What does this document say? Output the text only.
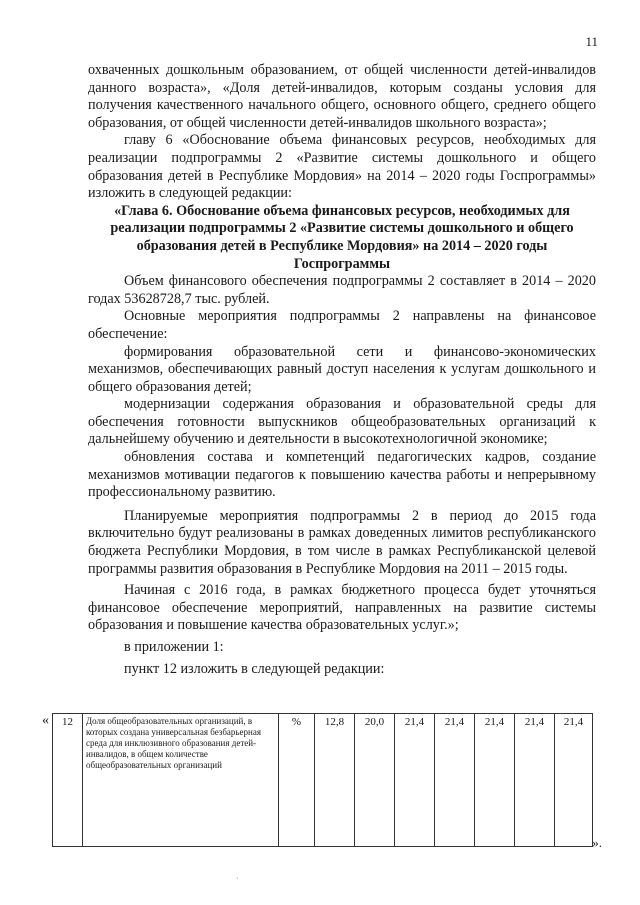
11

охваченных дошкольным образованием, от общей численности детей-инвалидов данного возраста», «Доля детей-инвалидов, которым созданы условия для получения качественного начального общего, основного общего, среднего общего образования, от общей численности детей-инвалидов школьного возраста»;

главу 6 «Обоснование объема финансовых ресурсов, необходимых для реализации подпрограммы 2 «Развитие системы дошкольного и общего образования детей в Республике Мордовия» на 2014 – 2020 годы Госпрограммы» изложить в следующей редакции:

«Глава 6. Обоснование объема финансовых ресурсов, необходимых для реализации подпрограммы 2 «Развитие системы дошкольного и общего образования детей в Республике Мордовия» на 2014 – 2020 годы Госпрограммы

Объем финансового обеспечения подпрограммы 2 составляет в 2014 – 2020 годах 53628728,7 тыс. рублей.

Основные мероприятия подпрограммы 2 направлены на финансовое обеспечение:

формирования образовательной сети и финансово-экономических механизмов, обеспечивающих равный доступ населения к услугам дошкольного и общего образования детей;

модернизации содержания образования и образовательной среды для обеспечения готовности выпускников общеобразовательных организаций к дальнейшему обучению и деятельности в высокотехнологичной экономике;

обновления состава и компетенций педагогических кадров, создание механизмов мотивации педагогов к повышению качества работы и непрерывному профессиональному развитию.

Планируемые мероприятия подпрограммы 2 в период до 2015 года включительно будут реализованы в рамках доведенных лимитов республиканского бюджета Республики Мордовия, в том числе в рамках Республиканской целевой программы развития образования в Республике Мордовия на 2011 – 2015 годы.

Начиная с 2016 года, в рамках бюджетного процесса будет уточняться финансовое обеспечение мероприятий, направленных на развитие системы образования и повышение качества образовательных услуг.»;

в приложении 1:

пункт 12 изложить в следующей редакции:

« 12	Доля общеобразовательных организаций, в которых создана универсальная безбарьерная среда для инклюзивного образования детей-инвалидов, в общем количестве общеобразовательных организаций	%	12,8	20,0	21,4	21,4	21,4	21,4	21,4
».
·
